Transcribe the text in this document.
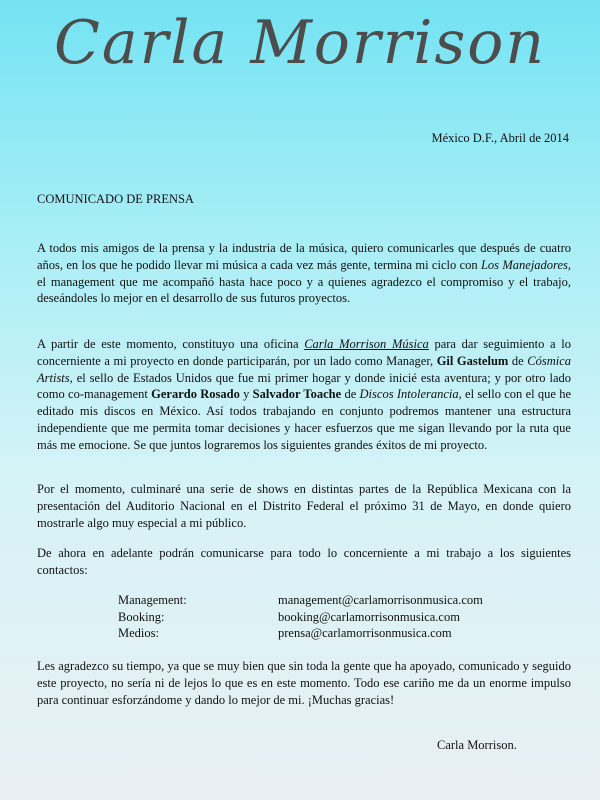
Carla Morrison
México D.F., Abril de 2014
COMUNICADO DE PRENSA
A todos mis amigos de la prensa y la industria de la música, quiero comunicarles que después de cuatro años, en los que he podido llevar mi música a cada vez más gente, termina mi ciclo con Los Manejadores, el management que me acompañó hasta hace poco y a quienes agradezco el compromiso y el trabajo, deseándoles lo mejor en el desarrollo de sus futuros proyectos.
A partir de este momento, constituyo una oficina Carla Morrison Música para dar seguimiento a lo concerniente a mi proyecto en donde participarán, por un lado como Manager, Gil Gastelum de Cósmica Artists, el sello de Estados Unidos que fue mi primer hogar y donde inicié esta aventura; y por otro lado como co-management Gerardo Rosado y Salvador Toache de Discos Intolerancia, el sello con el que he editado mis discos en México. Así todos trabajando en conjunto podremos mantener una estructura independiente que me permita tomar decisiones y hacer esfuerzos que me sigan llevando por la ruta que más me emocione. Se que juntos lograremos los siguientes grandes éxitos de mi proyecto.
Por el momento, culminaré una serie de shows en distintas partes de la República Mexicana con la presentación del Auditorio Nacional en el Distrito Federal el próximo 31 de Mayo, en donde quiero mostrarle algo muy especial a mi público.
De ahora en adelante podrán comunicarse para todo lo concerniente a mi trabajo a los siguientes contactos:
Management:	management@carlamorrisonmusica.com
Booking:	booking@carlamorrisonmusica.com
Medios:	prensa@carlamorrisonmusica.com
Les agradezco su tiempo, ya que se muy bien que sin toda la gente que ha apoyado, comunicado y seguido este proyecto, no sería ni de lejos lo que es en este momento. Todo ese cariño me da un enorme impulso para continuar esforzándome y dando lo mejor de mi. ¡Muchas gracias!
Carla Morrison.
